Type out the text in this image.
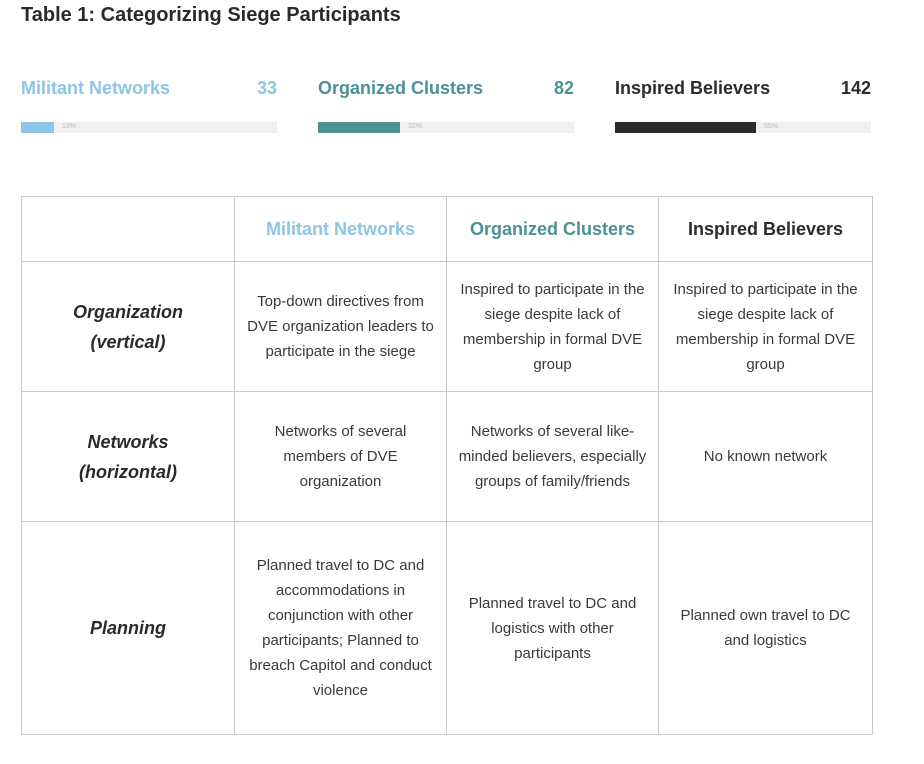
Table 1: Categorizing Siege Participants
Militant Networks	33
13%
Organized Clusters	82
32%
Inspired Believers	142
55%
	Militant Networks	Organized Clusters	Inspired Believers

Organization
(vertical)	Top-down directives from DVE organization leaders to participate in the siege	Inspired to participate in the siege despite lack of membership in formal DVE group	Inspired to participate in the siege despite lack of membership in formal DVE group

Networks
(horizontal)	Networks of several members of DVE organization	Networks of several like-minded believers, especially groups of family/friends	No known network

Planning	Planned travel to DC and accommodations in conjunction with other participants; Planned to breach Capitol and conduct violence	Planned travel to DC and logistics with other participants	Planned own travel to DC and logistics
